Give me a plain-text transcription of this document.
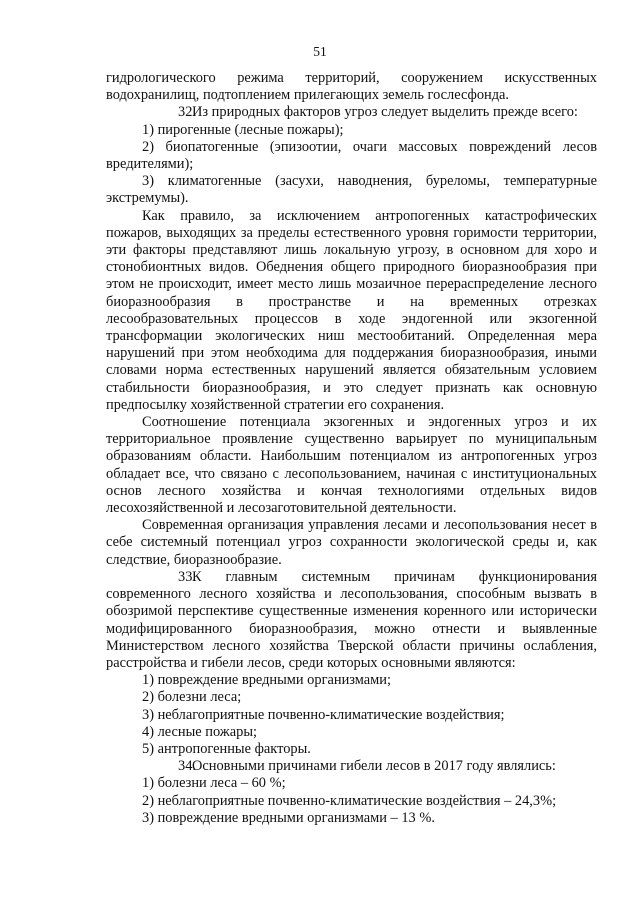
51

гидрологического режима территорий, сооружением искусственных водохранилищ, подтоплением прилегающих земель гослесфонда.

32.Из природных факторов угроз следует выделить прежде всего:

1) пирогенные (лесные пожары);

2) биопатогенные (эпизоотии, очаги массовых повреждений лесов вредителями);

3) климатогенные (засухи, наводнения, буреломы, температурные экстремумы).

Как правило, за исключением антропогенных катастрофических пожаров, выходящих за пределы естественного уровня горимости территории, эти факторы представляют лишь локальную угрозу, в основном для хоро и стонобионтных видов. Обеднения общего природного биоразнообразия при этом не происходит, имеет место лишь мозаичное перераспределение лесного биоразнообразия в пространстве и на временных отрезках лесообразовательных процессов в ходе эндогенной или экзогенной трансформации экологических ниш местообитаний. Определенная мера нарушений при этом необходима для поддержания биоразнообразия, иными словами норма естественных нарушений является обязательным условием стабильности биоразнообразия, и это следует признать как основную предпосылку хозяйственной стратегии его сохранения.

Соотношение потенциала экзогенных и эндогенных угроз и их территориальное проявление существенно варьирует по муниципальным образованиям области. Наибольшим потенциалом из антропогенных угроз обладает все, что связано с лесопользованием, начиная с институциональных основ лесного хозяйства и кончая технологиями отдельных видов лесохозяйственной и лесозаготовительной деятельности.

Современная организация управления лесами и лесопользования несет в себе системный потенциал угроз сохранности экологической среды и, как следствие, биоразнообразие.

33.К главным системным причинам функционирования современного лесного хозяйства и лесопользования, способным вызвать в обозримой перспективе существенные изменения коренного или исторически модифицированного биоразнообразия, можно отнести и выявленные Министерством лесного хозяйства Тверской области причины ослабления, расстройства и гибели лесов, среди которых основными являются:

1) повреждение вредными организмами;

2) болезни леса;

3) неблагоприятные почвенно-климатические воздействия;

4) лесные пожары;

5) антропогенные факторы.

34.Основными причинами гибели лесов в 2017 году являлись:

1) болезни леса – 60 %;

2) неблагоприятные почвенно-климатические воздействия – 24,3%;

3) повреждение вредными организмами – 13 %.
